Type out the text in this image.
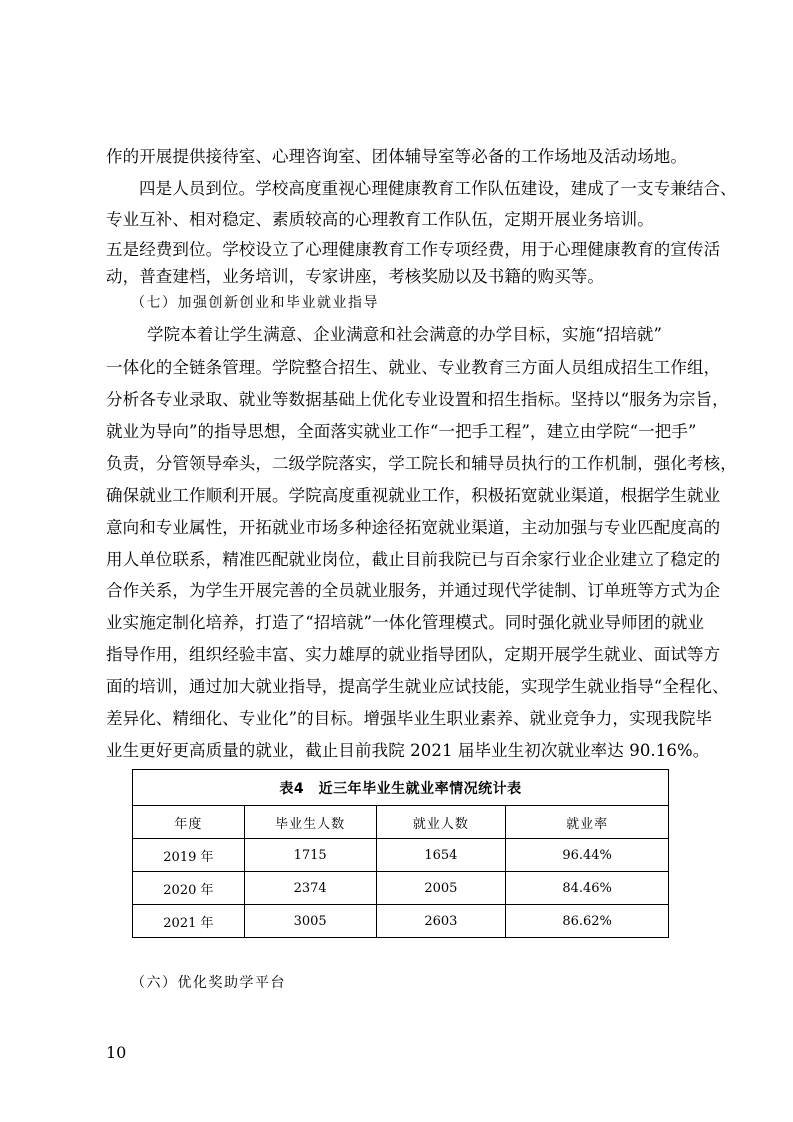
作的开展提供接待室、心理咨询室、团体辅导室等必备的工作场地及活动场地。
四是人员到位。学校高度重视心理健康教育工作队伍建设，建成了一支专兼结合、
专业互补、相对稳定、素质较高的心理教育工作队伍，定期开展业务培训。
五是经费到位。学校设立了心理健康教育工作专项经费，用于心理健康教育的宣传活
动，普查建档，业务培训，专家讲座，考核奖励以及书籍的购买等。
（七）加强创新创业和毕业就业指导
学院本着让学生满意、企业满意和社会满意的办学目标，实施“招培就”
一体化的全链条管理。学院整合招生、就业、专业教育三方面人员组成招生工作组，
分析各专业录取、就业等数据基础上优化专业设置和招生指标。坚持以“服务为宗旨，
就业为导向”的指导思想，全面落实就业工作“一把手工程”，建立由学院“一把手”
负责，分管领导牵头，二级学院落实，学工院长和辅导员执行的工作机制，强化考核，
确保就业工作顺利开展。学院高度重视就业工作，积极拓宽就业渠道，根据学生就业
意向和专业属性，开拓就业市场多种途径拓宽就业渠道，主动加强与专业匹配度高的
用人单位联系，精准匹配就业岗位，截止目前我院已与百余家行业企业建立了稳定的
合作关系，为学生开展完善的全员就业服务，并通过现代学徒制、订单班等方式为企
业实施定制化培养，打造了“招培就”一体化管理模式。同时强化就业导师团的就业
指导作用，组织经验丰富、实力雄厚的就业指导团队，定期开展学生就业、面试等方
面的培训，通过加大就业指导，提高学生就业应试技能，实现学生就业指导“全程化、
差异化、精细化、专业化”的目标。增强毕业生职业素养、就业竞争力，实现我院毕
业生更好更高质量的就业，截止目前我院 2021 届毕业生初次就业率达 90.16%。
表4　近三年毕业生就业率情况统计表			
年度	毕业生人数	就业人数	就业率
2019 年	1715	1654	96.44%
2020 年	2374	2005	84.46%
2021 年	3005	2603	86.62%
（六）优化奖助学平台
10
